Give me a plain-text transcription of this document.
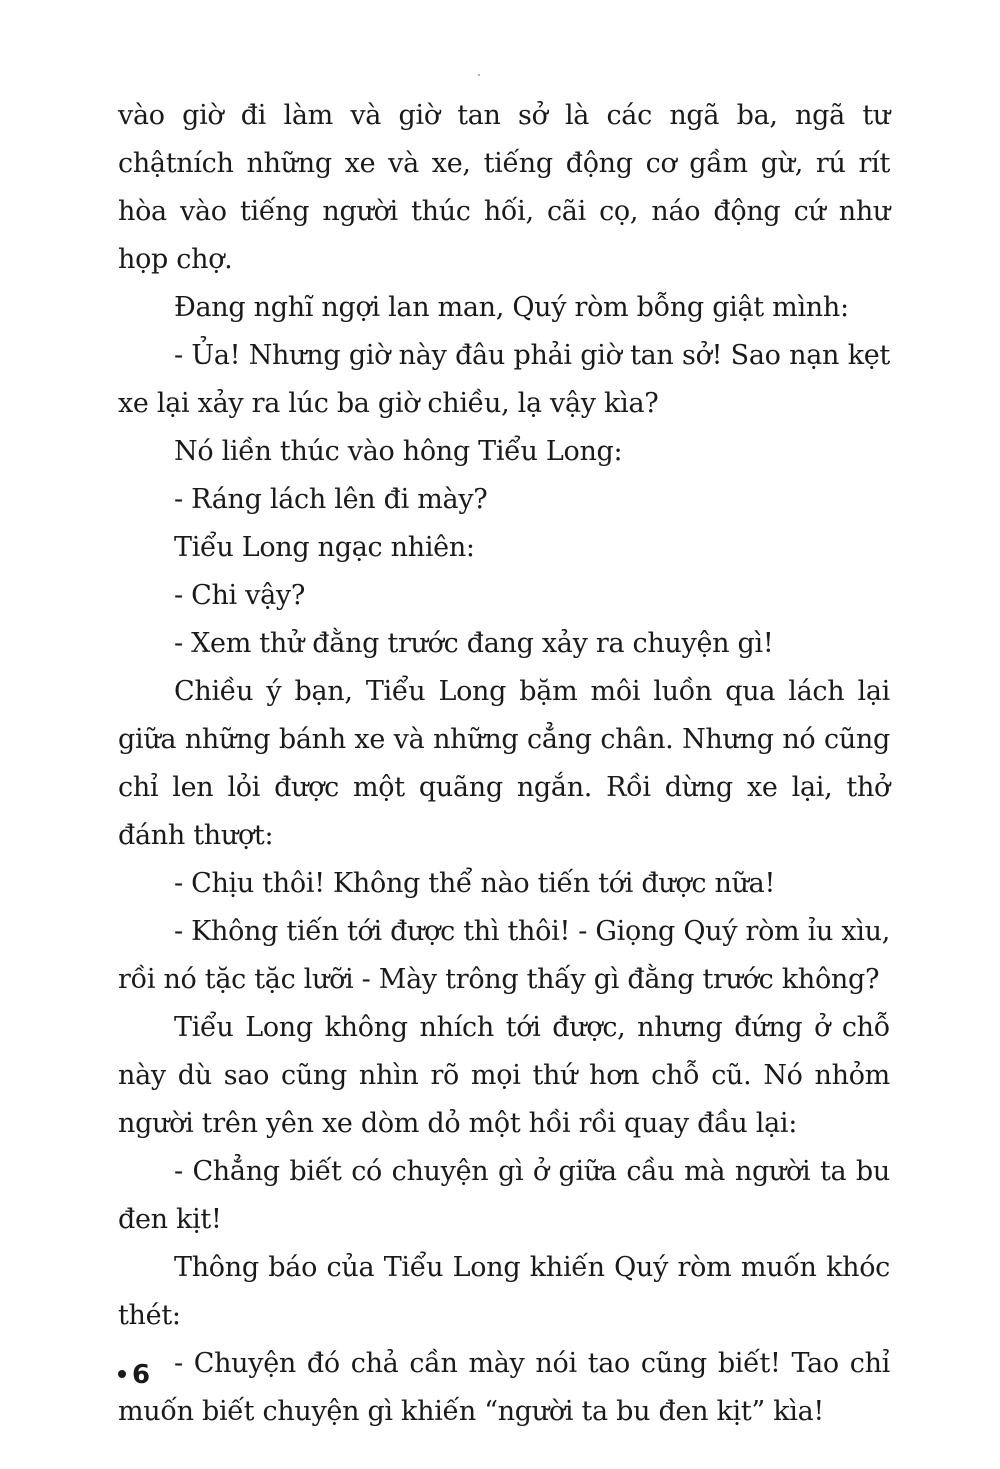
vào giờ đi làm và giờ tan sở là các ngã ba, ngã tư chậtních những xe và xe, tiếng động cơ gầm gừ, rú rít hòa vào tiếng người thúc hối, cãi cọ, náo động cứ như họp chợ.

Đang nghĩ ngợi lan man, Quý ròm bỗng giật mình:

- Ủa! Nhưng giờ này đâu phải giờ tan sở! Sao nạn kẹt xe lại xảy ra lúc ba giờ chiều, lạ vậy kìa?

Nó liền thúc vào hông Tiểu Long:

- Ráng lách lên đi mày?

Tiểu Long ngạc nhiên:

- Chi vậy?

- Xem thử đằng trước đang xảy ra chuyện gì!

Chiều ý bạn, Tiểu Long bặm môi luồn qua lách lại giữa những bánh xe và những cẳng chân. Nhưng nó cũng chỉ len lỏi được một quãng ngắn. Rồi dừng xe lại, thở đánh thượt:

- Chịu thôi! Không thể nào tiến tới được nữa!

- Không tiến tới được thì thôi! - Giọng Quý ròm ỉu xìu, rồi nó tặc tặc lưỡi - Mày trông thấy gì đằng trước không?

Tiểu Long không nhích tới được, nhưng đứng ở chỗ này dù sao cũng nhìn rõ mọi thứ hơn chỗ cũ. Nó nhỏm người trên yên xe dòm dỏ một hồi rồi quay đầu lại:

- Chẳng biết có chuyện gì ở giữa cầu mà người ta bu đen kịt!

Thông báo của Tiểu Long khiến Quý ròm muốn khóc thét:

- Chuyện đó chả cần mày nói tao cũng biết! Tao chỉ muốn biết chuyện gì khiến “người ta bu đen kịt” kìa!

6
